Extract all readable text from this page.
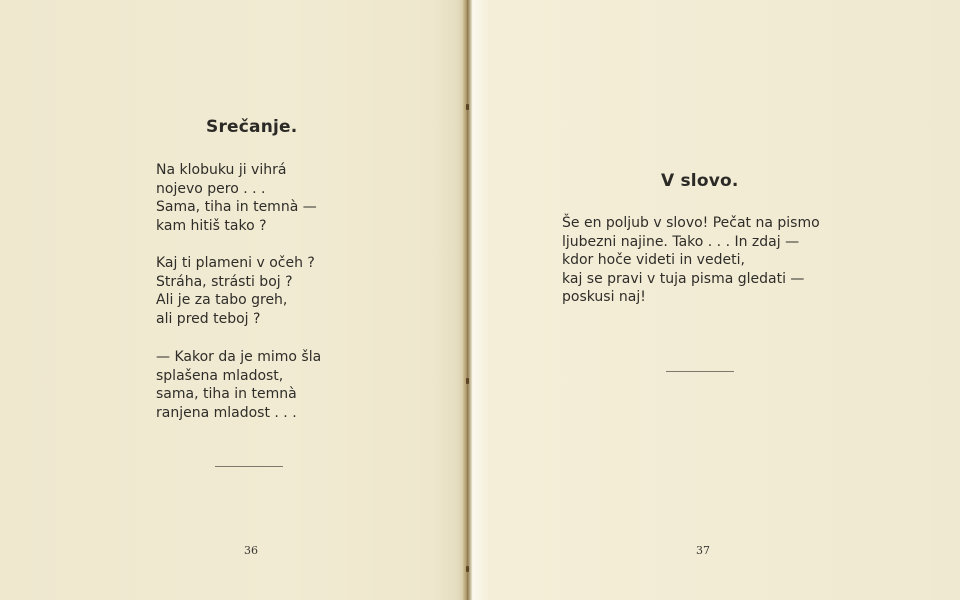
Srečanje.

Na klobuku ji vihrá
nojevo pero . . .
Sama, tiha in temnà —
kam hitiš tako ?

Kaj ti plameni v očeh ?
Stráha, strásti boj ?
Ali je za tabo greh,
ali pred teboj ?

— Kakor da je mimo šla
splašena mladost,
sama, tiha in temnà
ranjena mladost . . .

36

V slovo.

Še en poljub v slovo! Pečat na pismo
ljubezni najine. Tako . . . In zdaj —
kdor hoče videti in vedeti,
kaj se pravi v tuja pisma gledati —
poskusi naj!

37
